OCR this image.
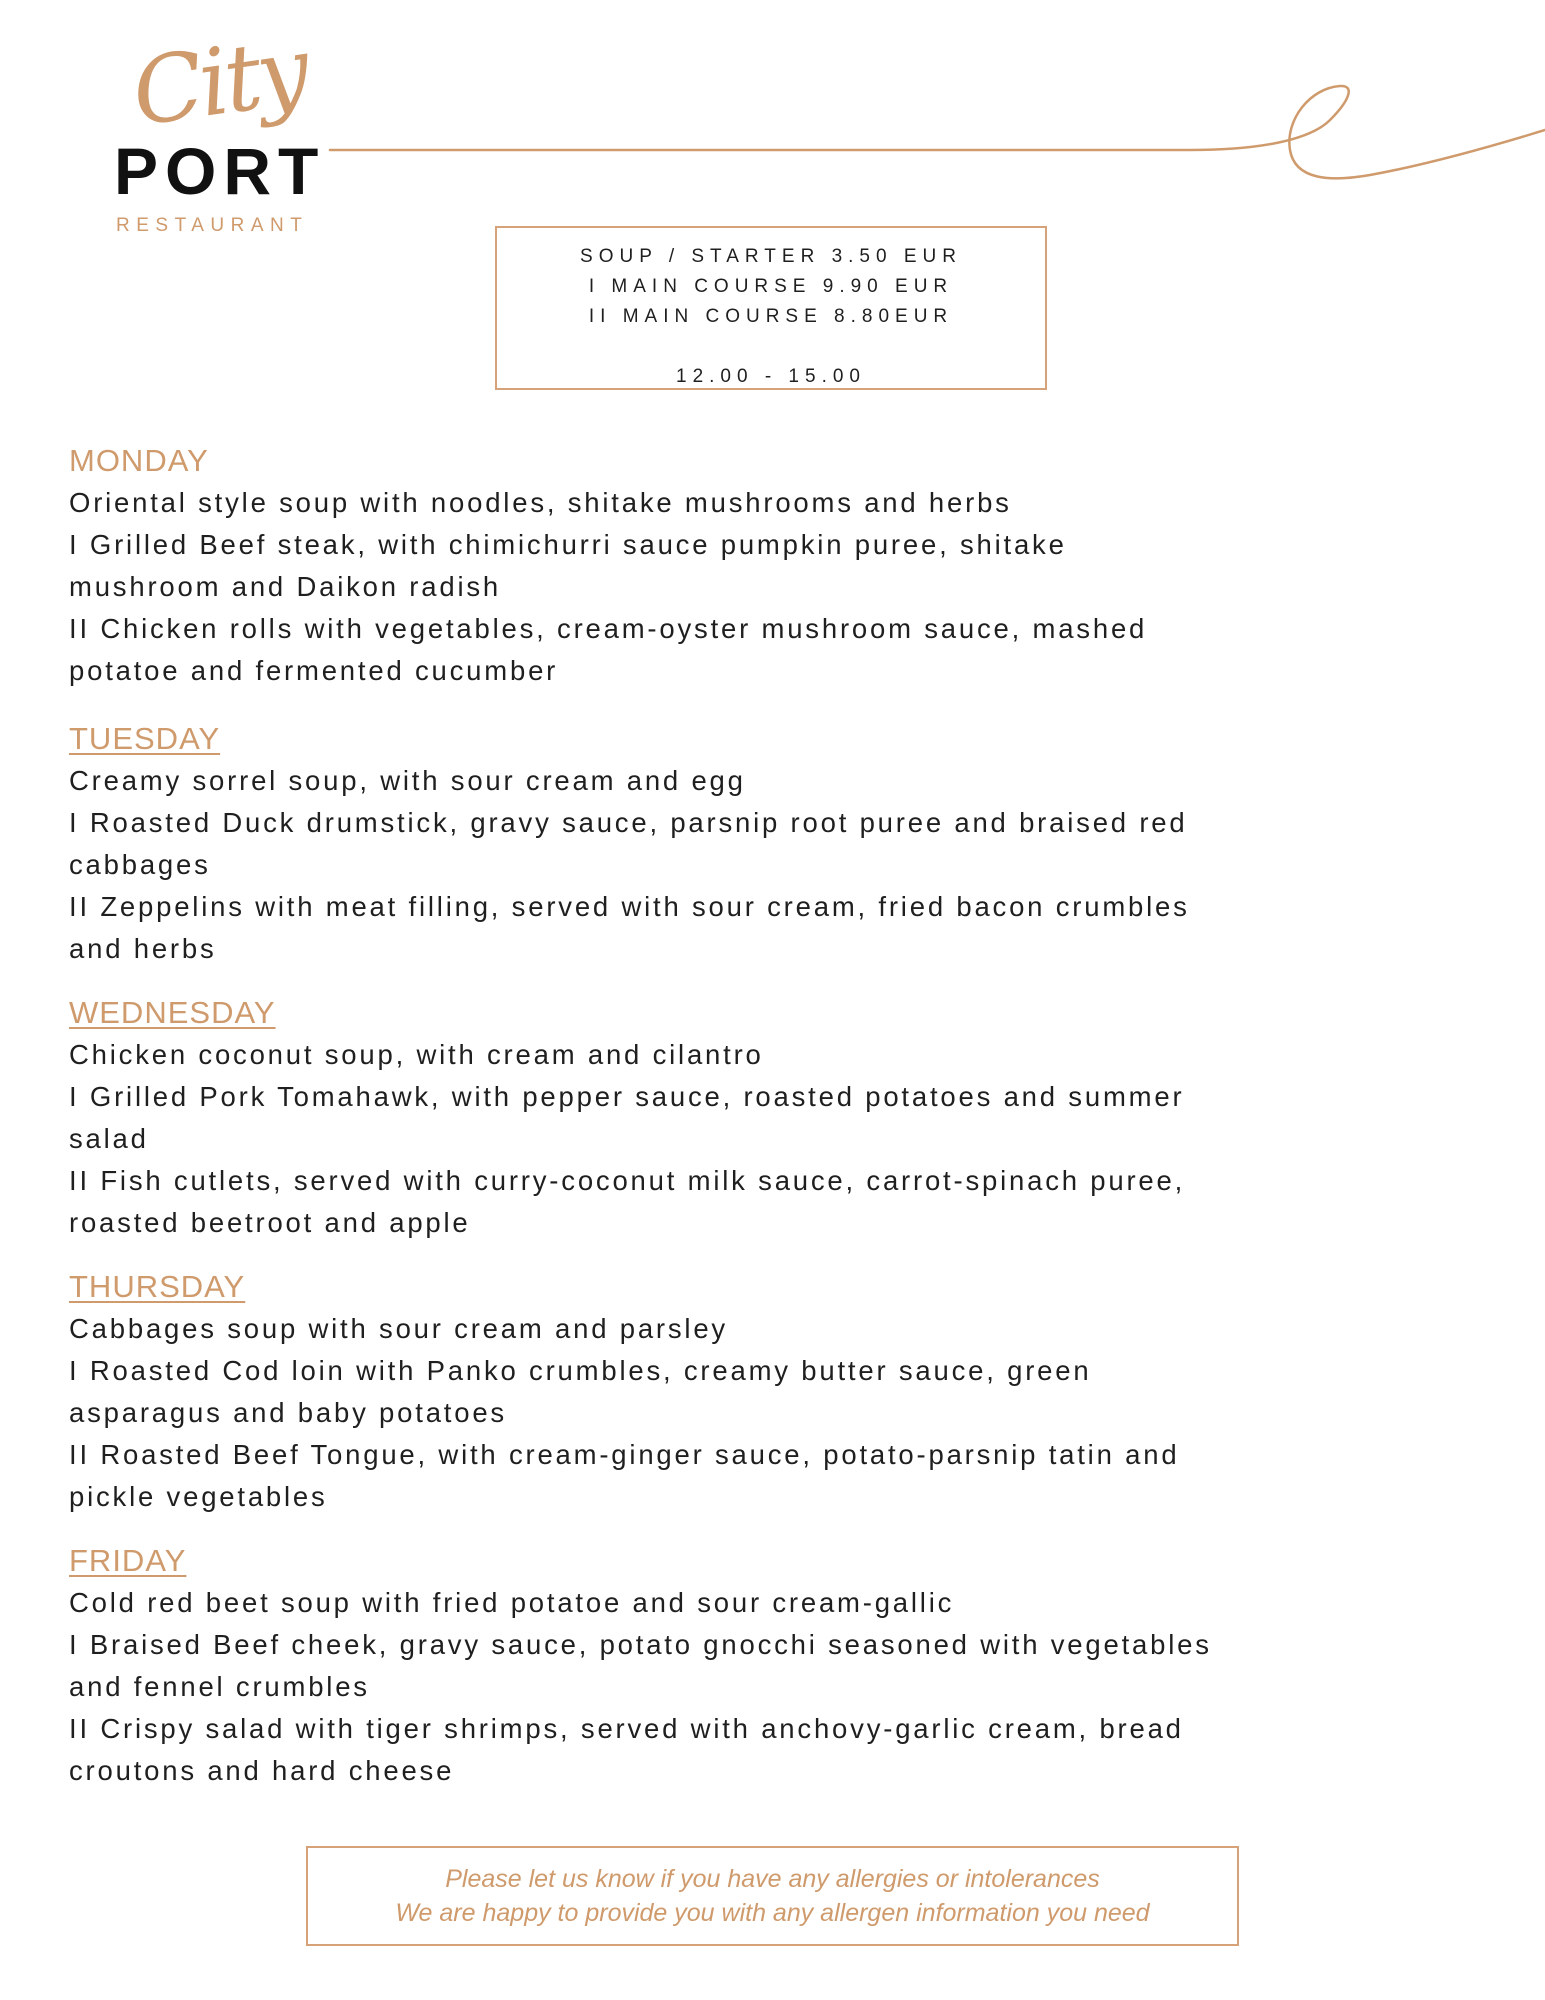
City
PORT
RESTAURANT
SOUP / STARTER 3.50 EUR
I MAIN COURSE 9.90 EUR
II MAIN COURSE 8.80EUR
12.00 - 15.00
MONDAY
Oriental style soup with noodles, shitake mushrooms and herbs
I Grilled Beef steak, with chimichurri sauce pumpkin puree, shitake
mushroom and Daikon radish
II Chicken rolls with vegetables, cream-oyster mushroom sauce, mashed
potatoe and fermented cucumber
TUESDAY
Creamy sorrel soup, with sour cream and egg
I Roasted Duck drumstick, gravy sauce, parsnip root puree and braised red
cabbages
II Zeppelins with meat filling, served with sour cream, fried bacon crumbles
and herbs
WEDNESDAY
Chicken coconut soup, with cream and cilantro
I Grilled Pork Tomahawk, with pepper sauce, roasted potatoes and summer
salad
II Fish cutlets, served with curry-coconut milk sauce, carrot-spinach puree,
roasted beetroot and apple
THURSDAY
Cabbages soup with sour cream and parsley
I Roasted Cod loin with Panko crumbles, creamy butter sauce, green
asparagus and baby potatoes
II Roasted Beef Tongue, with cream-ginger sauce, potato-parsnip tatin and
pickle vegetables
FRIDAY
Cold red beet soup with fried potatoe and sour cream-gallic
I Braised Beef cheek, gravy sauce, potato gnocchi seasoned with vegetables
and fennel crumbles
II Crispy salad with tiger shrimps, served with anchovy-garlic cream, bread
croutons and hard cheese
Please let us know if you have any allergies or intolerances
We are happy to provide you with any allergen information you need
